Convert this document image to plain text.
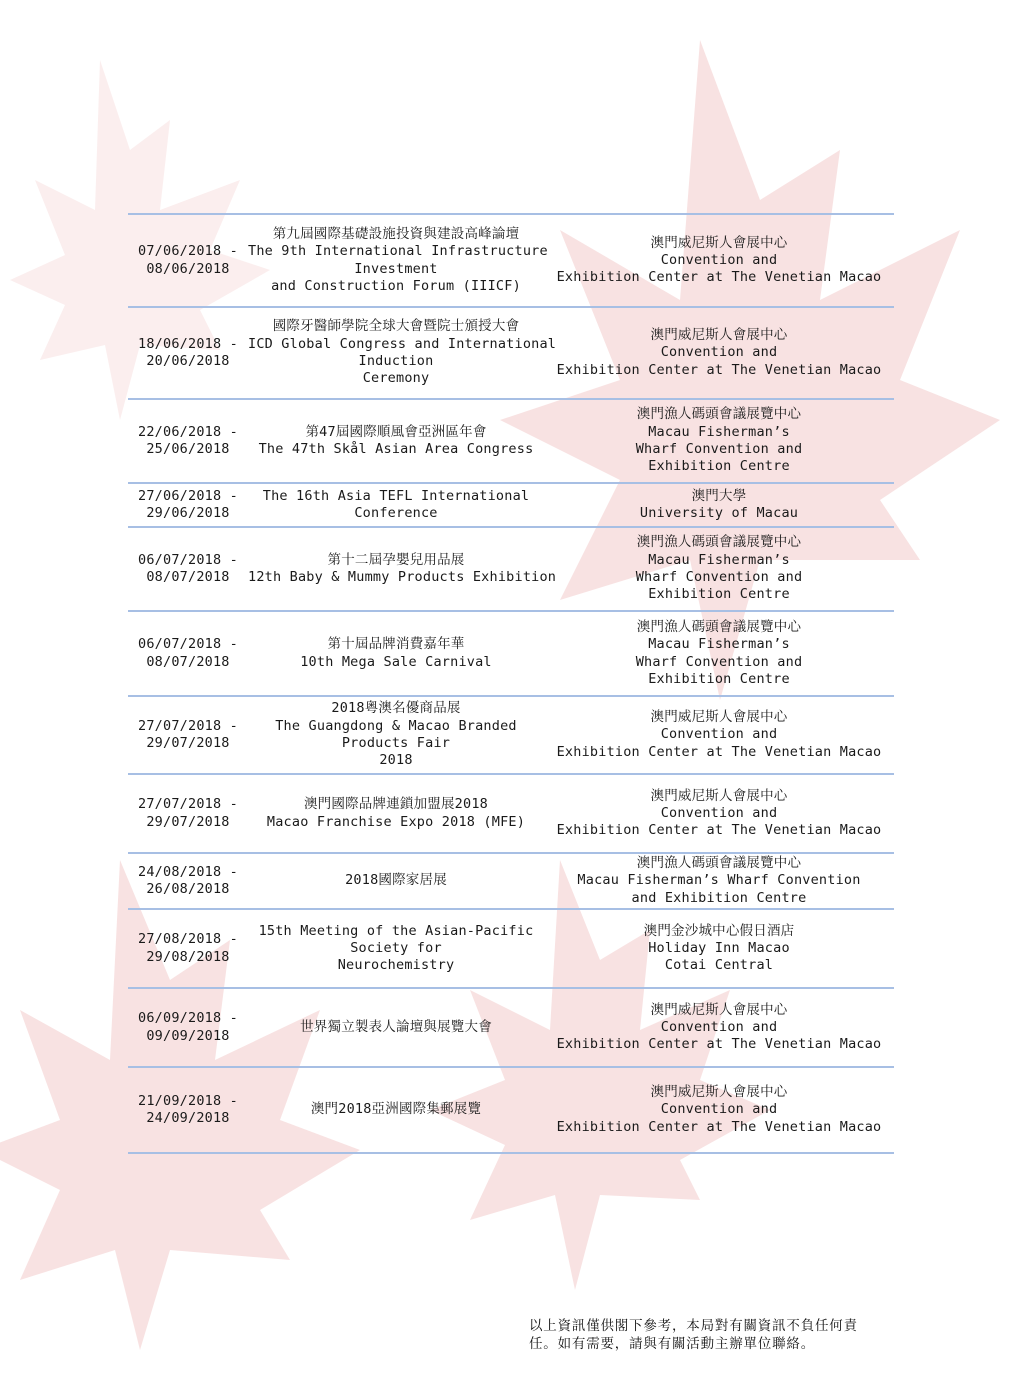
07/06/2018 -
08/06/2018
第九屆國際基礎設施投資與建設高峰論壇
The 9th International Infrastructure
Investment
and Construction Forum (IIICF)
澳門威尼斯人會展中心
Convention and
Exhibition Center at The Venetian Macao
18/06/2018 -
20/06/2018
國際牙醫師學院全球大會暨院士頒授大會
ICD Global Congress and International
Induction
Ceremony
澳門威尼斯人會展中心
Convention and
Exhibition Center at The Venetian Macao
22/06/2018 -
25/06/2018
第47屆國際順風會亞洲區年會
The 47th Skål Asian Area Congress
澳門漁人碼頭會議展覽中心
Macau Fisherman’s
Wharf Convention and
Exhibition Centre
27/06/2018 -
29/06/2018
The 16th Asia TEFL International
Conference
澳門大學
University of Macau
06/07/2018 -
08/07/2018
第十二屆孕嬰兒用品展
12th Baby & Mummy Products Exhibition
澳門漁人碼頭會議展覽中心
Macau Fisherman’s
Wharf Convention and
Exhibition Centre
06/07/2018 -
08/07/2018
第十屆品牌消費嘉年華
10th Mega Sale Carnival
澳門漁人碼頭會議展覽中心
Macau Fisherman’s
Wharf Convention and
Exhibition Centre
27/07/2018 -
29/07/2018
2018粵澳名優商品展
The Guangdong & Macao Branded
Products Fair
2018
澳門威尼斯人會展中心
Convention and
Exhibition Center at The Venetian Macao
27/07/2018 -
29/07/2018
澳門國際品牌連鎖加盟展2018
Macao Franchise Expo 2018 (MFE)
澳門威尼斯人會展中心
Convention and
Exhibition Center at The Venetian Macao
24/08/2018 -
26/08/2018
2018國際家居展
澳門漁人碼頭會議展覽中心
Macau Fisherman’s Wharf Convention
and Exhibition Centre
27/08/2018 -
29/08/2018
15th Meeting of the Asian-Pacific
Society for
Neurochemistry
澳門金沙城中心假日酒店
Holiday Inn Macao
Cotai Central
06/09/2018 -
09/09/2018
世界獨立製表人論壇與展覽大會
澳門威尼斯人會展中心
Convention and
Exhibition Center at The Venetian Macao
21/09/2018 -
24/09/2018
澳門2018亞洲國際集郵展覽
澳門威尼斯人會展中心
Convention and
Exhibition Center at The Venetian Macao
以上資訊僅供閣下參考，本局對有關資訊不負任何責
任。如有需要，請與有關活動主辦單位聯絡。
